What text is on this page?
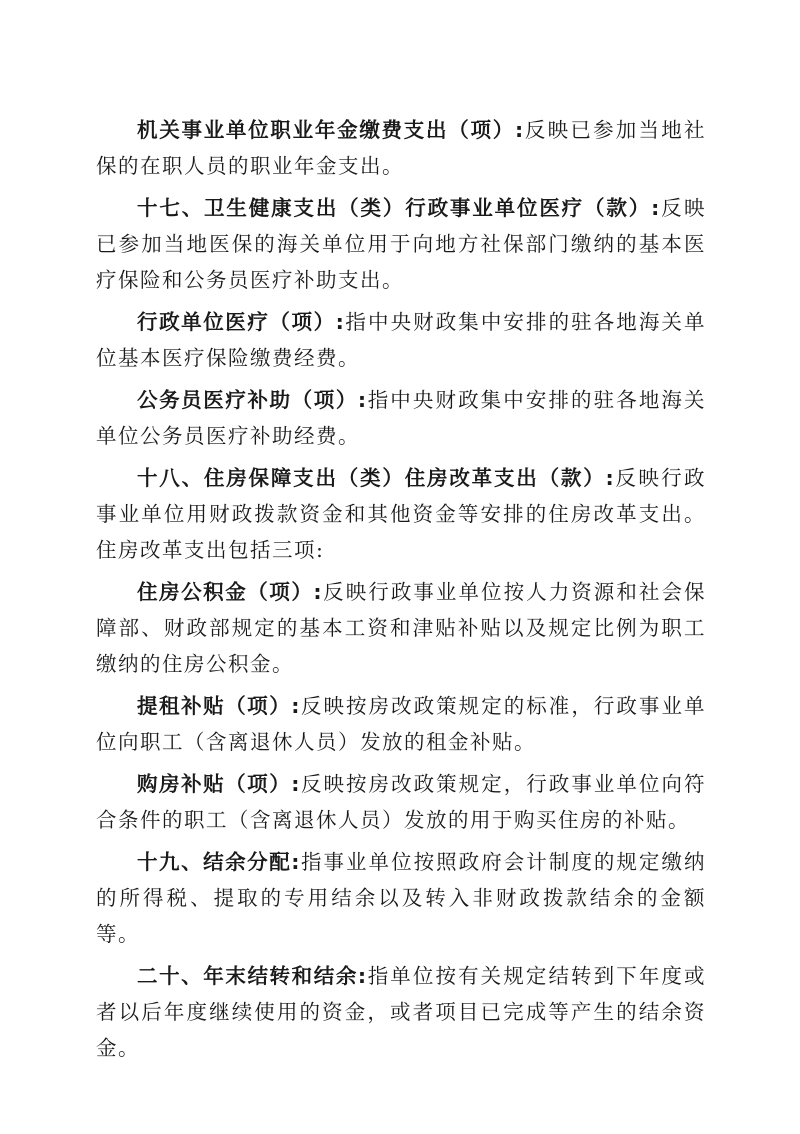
机关事业单位职业年金缴费支出（项）:反映已参加当地社保的在职人员的职业年金支出。

十七、卫生健康支出（类）行政事业单位医疗（款）:反映已参加当地医保的海关单位用于向地方社保部门缴纳的基本医疗保险和公务员医疗补助支出。

行政单位医疗（项）:指中央财政集中安排的驻各地海关单位基本医疗保险缴费经费。

公务员医疗补助（项）:指中央财政集中安排的驻各地海关单位公务员医疗补助经费。

十八、住房保障支出（类）住房改革支出（款）:反映行政事业单位用财政拨款资金和其他资金等安排的住房改革支出。住房改革支出包括三项:

住房公积金（项）:反映行政事业单位按人力资源和社会保障部、财政部规定的基本工资和津贴补贴以及规定比例为职工缴纳的住房公积金。

提租补贴（项）:反映按房改政策规定的标准，行政事业单位向职工（含离退休人员）发放的租金补贴。

购房补贴（项）:反映按房改政策规定，行政事业单位向符合条件的职工（含离退休人员）发放的用于购买住房的补贴。

十九、结余分配:指事业单位按照政府会计制度的规定缴纳的所得税、提取的专用结余以及转入非财政拨款结余的金额等。

二十、年末结转和结余:指单位按有关规定结转到下年度或者以后年度继续使用的资金，或者项目已完成等产生的结余资金。
